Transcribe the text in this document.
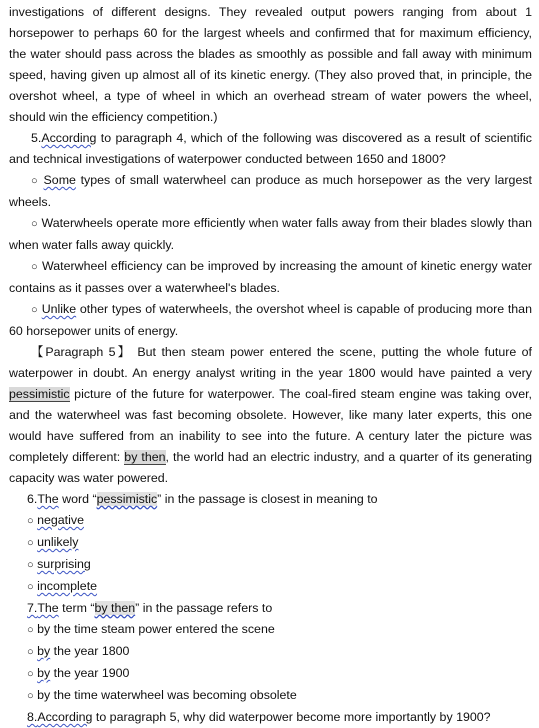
investigations of different designs. They revealed output powers ranging from about 1 horsepower to perhaps 60 for the largest wheels and confirmed that for maximum efficiency, the water should pass across the blades as smoothly as possible and fall away with minimum speed, having given up almost all of its kinetic energy. (They also proved that, in principle, the overshot wheel, a type of wheel in which an overhead stream of water powers the wheel, should win the efficiency competition.)

5.According to paragraph 4, which of the following was discovered as a result of scientific and technical investigations of waterpower conducted between 1650 and 1800?

○ Some types of small waterwheel can produce as much horsepower as the very largest wheels.

○ Waterwheels operate more efficiently when water falls away from their blades slowly than when water falls away quickly.

○ Waterwheel efficiency can be improved by increasing the amount of kinetic energy water contains as it passes over a waterwheel's blades.

○ Unlike other types of waterwheels, the overshot wheel is capable of producing more than 60 horsepower units of energy.

【Paragraph 5】 But then steam power entered the scene, putting the whole future of waterpower in doubt. An energy analyst writing in the year 1800 would have painted a very pessimistic picture of the future for waterpower. The coal-fired steam engine was taking over, and the waterwheel was fast becoming obsolete. However, like many later experts, this one would have suffered from an inability to see into the future. A century later the picture was completely different: by then, the world had an electric industry, and a quarter of its generating capacity was water powered.

6.The word “pessimistic” in the passage is closest in meaning to

○ negative

○ unlikely

○ surprising

○ incomplete

7.The term “by then” in the passage refers to

○ by the time steam power entered the scene

○ by the year 1800

○ by the year 1900

○ by the time waterwheel was becoming obsolete

8.According to paragraph 5, why did waterpower become more importantly by 1900?
